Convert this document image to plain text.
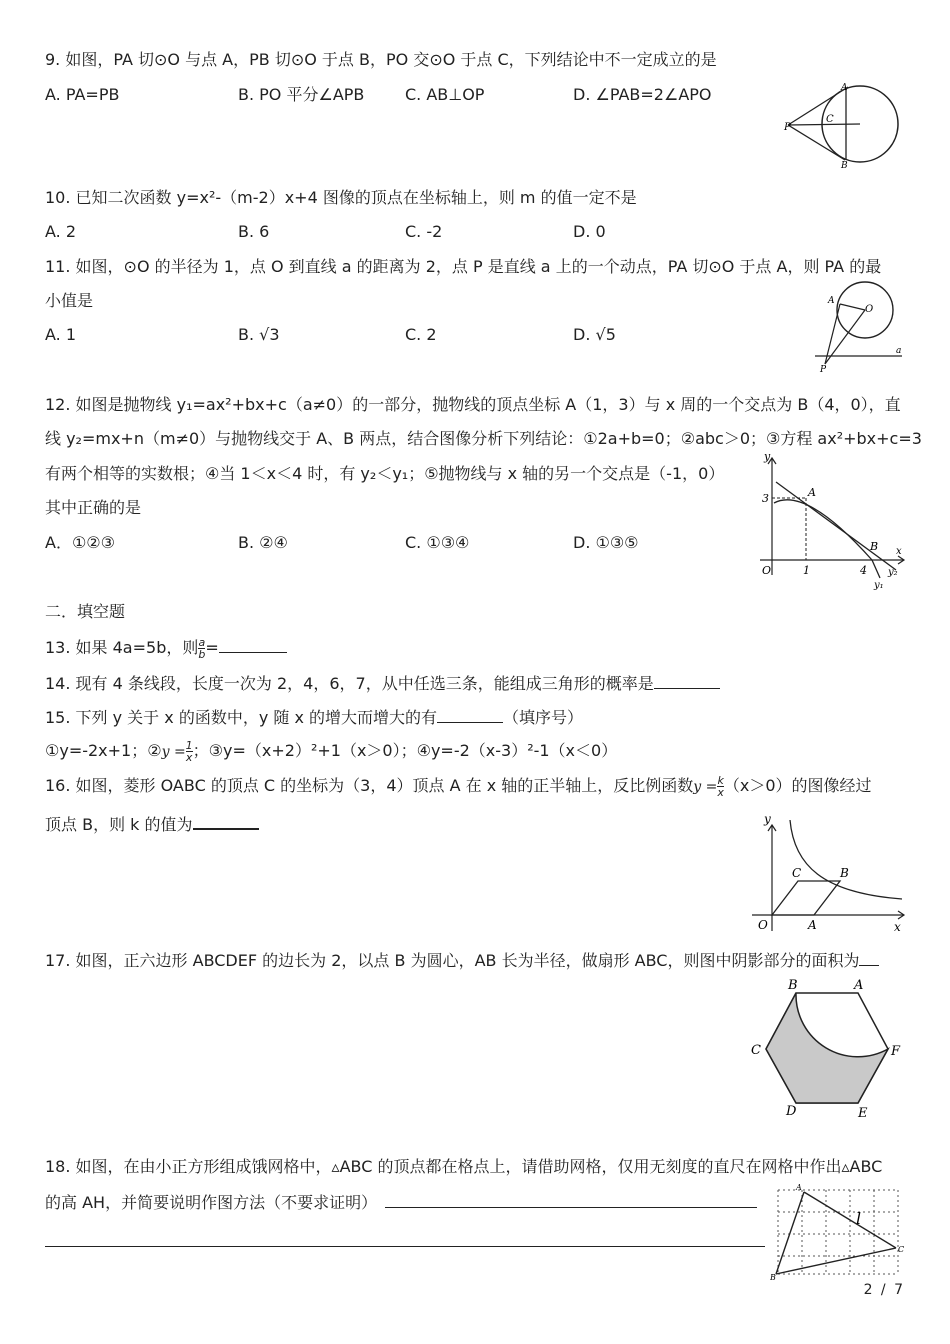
9. 如图，PA 切⊙O 与点 A，PB 切⊙O 于点 B，PO 交⊙O 于点 C，下列结论中不一定成立的是
A. PA=PB	B. PO 平分∠APB	C. AB⊥OP	D. ∠PAB=2∠APO
P
C
A
B
10. 已知二次函数 y=x²-（m-2）x+4 图像的顶点在坐标轴上，则 m 的值一定不是
A. 2	B. 6	C. -2	D. 0
11. 如图，⊙O 的半径为 1，点 O 到直线 a 的距离为 2，点 P 是直线 a 上的一个动点，PA 切⊙O 于点 A，则 PA 的最
小值是
A. 1	B. √3	C. 2	D. √5
A
O
P
a
12. 如图是抛物线 y₁=ax²+bx+c（a≠0）的一部分，抛物线的顶点坐标 A（1，3）与 x 周的一个交点为 B（4，0），直
线 y₂=mx+n（m≠0）与抛物线交于 A、B 两点，结合图像分析下列结论：①2a+b=0；②abc＞0；③方程 ax²+bx+c=3
有两个相等的实数根；④当 1＜x＜4 时，有 y₂＜y₁；⑤抛物线与 x 轴的另一个交点是（-1，0）
其中正确的是
A．①②③	B. ②④	C. ①③④	D. ①③⑤
y
3	A
O	1	4
B x
y₂
y₁
二．填空题
13. 如果 4a=5b，则 $\frac{a}{b}$ =
14. 现有 4 条线段，长度一次为 2，4，6，7，从中任选三条，能组成三角形的概率是
15. 下列 y 关于 x 的函数中，y 随 x 的增大而增大的有	（填序号）
①y=-2x+1；②y = $\frac{1}{x}$ ；③y=（x+2）²+1（x＞0）；④y=-2（x-3）²-1（x＜0）
16. 如图，菱形 OABC 的顶点 C 的坐标为（3，4）顶点 A 在 x 轴的正半轴上，反比例函数$y = \frac{k}{x} (x>0)$的图像经过
顶点 B，则 k 的值为	y
C	B
O	A	x
17. 如图，正六边形 ABCDEF 的边长为 2，以点 B 为圆心，AB 长为半径，做扇形 ABC，则图中阴影部分的面积为
B	A
C	F
D	E
18. 如图，在由小正方形组成饿网格中，▵ABC 的顶点都在格点上，请借助网格，仅用无刻度的直尺在网格中作出▵ABC
的高 AH，并简要说明作图方法（不要求证明）
A
C
B
l
2 / 7
